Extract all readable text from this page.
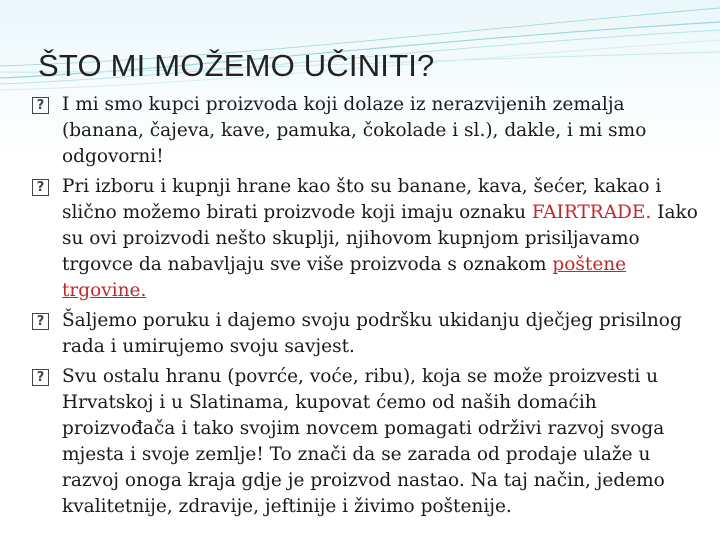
ŠTO MI MOŽEMO UČINITI?
? I mi smo kupci proizvoda koji dolaze iz nerazvijenih zemalja (banana, čajeva, kave, pamuka, čokolade i sl.), dakle, i mi smo odgovorni!
? Pri izboru i kupnji hrane kao što su banane, kava, šećer, kakao i slično možemo birati proizvode koji imaju oznaku FAIRTRADE. Iako su ovi proizvodi nešto skuplji, njihovom kupnjom prisiljavamo trgovce da nabavljaju sve više proizvoda s oznakom poštene trgovine.
? Šaljemo poruku i dajemo svoju podršku ukidanju dječjeg prisilnog rada i umirujemo svoju savjest.
? Svu ostalu hranu (povrće, voće, ribu), koja se može proizvesti u Hrvatskoj i u Slatinama, kupovat ćemo od naših domaćih proizvođača i tako svojim novcem pomagati održivi razvoj svoga mjesta i svoje zemlje! To znači da se zarada od prodaje ulaže u razvoj onoga kraja gdje je proizvod nastao. Na taj način, jedemo kvalitetnije, zdravije, jeftinije i živimo pošteniје.
